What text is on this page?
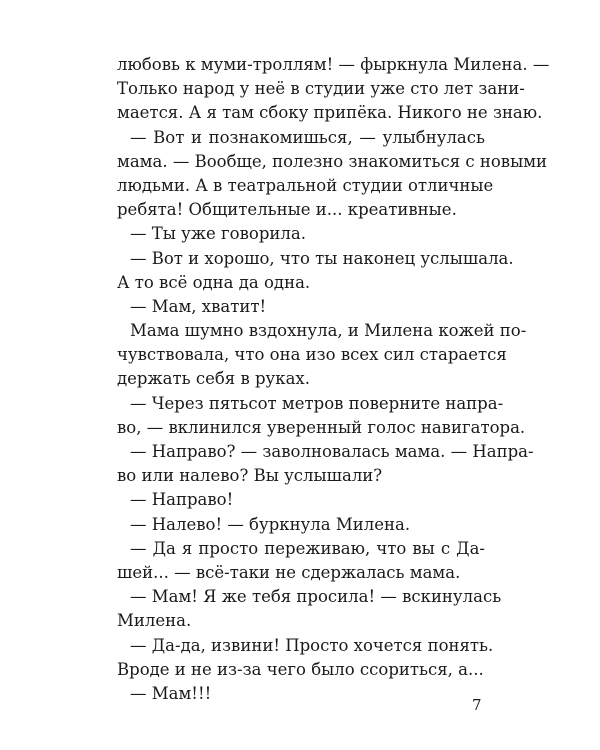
любовь к муми-троллям! — фыркнула Милена. —
Только народ у неё в студии уже сто лет зани-
мается. А я там сбоку припёка. Никого не знаю.
— Вот и познакомишься, — улыбнулась
мама. — Вообще, полезно знакомиться с новыми
людьми. А в театральной студии отличные
ребята! Общительные и... креативные.
— Ты уже говорила.
— Вот и хорошо, что ты наконец услышала.
А то всё одна да одна.
— Мам, хватит!
Мама шумно вздохнула, и Милена кожей по-
чувствовала, что она изо всех сил старается
держать себя в руках.
— Через пятьсот метров поверните напра-
во, — вклинился уверенный голос навигатора.
— Направо? — заволновалась мама. — Напра-
во или налево? Вы услышали?
— Направо!
— Налево! — буркнула Милена.
— Да я просто переживаю, что вы с Да-
шей... — всё-таки не сдержалась мама.
— Мам! Я же тебя просила! — вскинулась
Милена.
— Да-да, извини! Просто хочется понять.
Вроде и не из-за чего было ссориться, а...
— Мам!!!
7
